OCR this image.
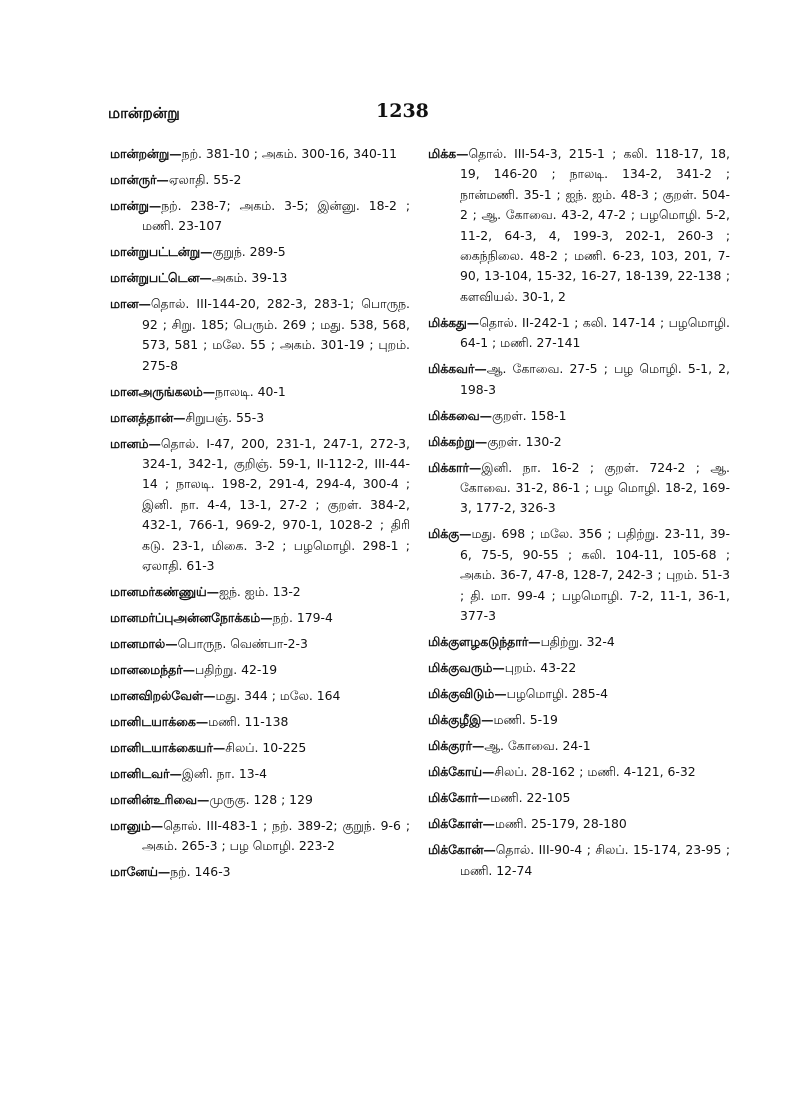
மான்றன்று	1238

மான்றன்று—நற். 381-10 ; அகம். 300-16, 340-11

மான்ருர்—ஏலாதி. 55-2

மான்று—நற். 238-7; அகம். 3-5; இன்னு. 18-2 ; மணி. 23-107

மான்றுபட்டன்று—குறுந். 289-5

மான்றுபட்டென—அகம். 39-13

மான—தொல். III-144-20, 282-3, 283-1; பொருந. 92 ; சிறு. 185; பெரும். 269 ; மது. 538, 568, 573, 581 ; மலே. 55 ; அகம். 301-19 ; புறம். 275-8

மானஅருங்கலம்—நாலடி. 40-1

மானத்தான்—சிறுபஞ். 55-3

மானம்—தொல். I-47, 200, 231-1, 247-1, 272-3, 324-1, 342-1, குறிஞ். 59-1, II-112-2, III-44-14 ; நாலடி. 198-2, 291-4, 294-4, 300-4 ; இனி. நா. 4-4, 13-1, 27-2 ; குறள். 384-2, 432-1, 766-1, 969-2, 970-1, 1028-2 ; திரி கடு. 23-1, மிகை. 3-2 ; பழமொழி. 298-1 ; ஏலாதி. 61-3

மானமர்கண்ணுய்—ஐந். ஐம். 13-2

மானமர்ப்புஅன்னநோக்கம்—நற். 179-4

மானமால்—பொருந. வெண்பா-2-3

மானமைந்தர்—பதிற்று. 42-19

மானவிறல்வேள்—மது. 344 ; மலே. 164

மானிடயாக்கை—மணி. 11-138

மானிடயாக்கையர்—சிலப். 10-225

மானிடவர்—இனி. நா. 13-4

மானின்உரிவை—முருகு. 128 ; 129

மானும்—தொல். III-483-1 ; நற். 389-2; குறுந். 9-6 ; அகம். 265-3 ; பழ மொழி. 223-2

மானேய்—நற். 146-3

மிக்க—தொல். III-54-3, 215-1 ; கலி. 118-17, 18, 19, 146-20 ; நாலடி. 134-2, 341-2 ; நான்மணி. 35-1 ; ஐந். ஐம். 48-3 ; குறள். 504-2 ; ஆ. கோவை. 43-2, 47-2 ; பழமொழி. 5-2, 11-2, 64-3, 4, 199-3, 202-1, 260-3 ; கைந்நிலை. 48-2 ; மணி. 6-23, 103, 201, 7-90, 13-104, 15-32, 16-27, 18-139, 22-138 ; களவியல். 30-1, 2

மிக்கது—தொல். II-242-1 ; கலி. 147-14 ; பழமொழி. 64-1 ; மணி. 27-141

மிக்கவர்—ஆ. கோவை. 27-5 ; பழ மொழி. 5-1, 2, 198-3

மிக்கவை—குறள். 158-1

மிக்கற்று—குறள். 130-2

மிக்கார்—இனி. நா. 16-2 ; குறள். 724-2 ; ஆ. கோவை. 31-2, 86-1 ; பழ மொழி. 18-2, 169-3, 177-2, 326-3

மிக்கு—மது. 698 ; மலே. 356 ; பதிற்று. 23-11, 39-6, 75-5, 90-55 ; கலி. 104-11, 105-68 ; அகம். 36-7, 47-8, 128-7, 242-3 ; புறம். 51-3 ; தி. மா. 99-4 ; பழமொழி. 7-2, 11-1, 36-1, 377-3

மிக்குளழகடுந்தார்—பதிற்று. 32-4

மிக்குவரும்—புறம். 43-22

மிக்குவிடும்—பழமொழி. 285-4

மிக்குழீஇ—மணி. 5-19

மிக்குரர்—ஆ. கோவை. 24-1

மிக்கோய்—சிலப். 28-162 ; மணி. 4-121, 6-32

மிக்கோர்—மணி. 22-105

மிக்கோள்—மணி. 25-179, 28-180

மிக்கோன்—தொல். III-90-4 ; சிலப். 15-174, 23-95 ; மணி. 12-74
